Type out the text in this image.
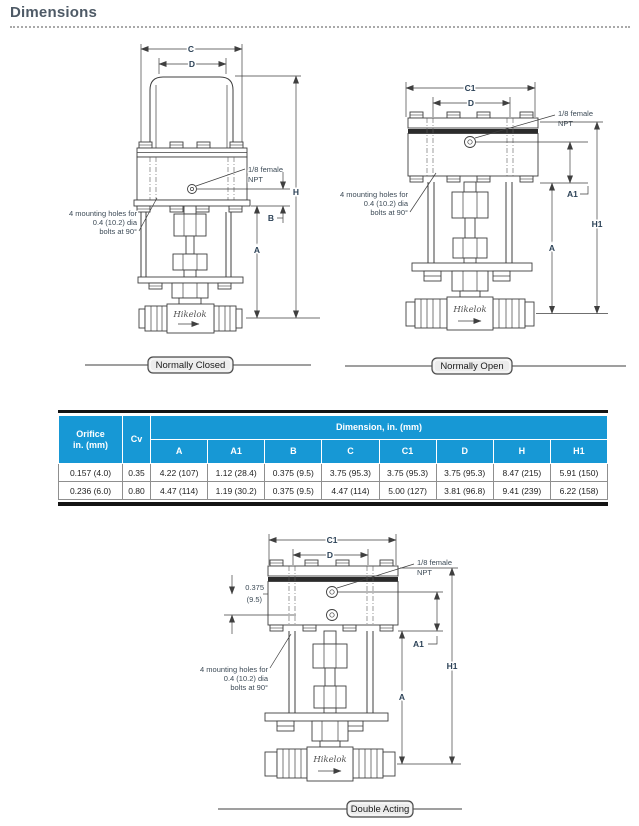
Dimensions
C
D
1/8 female
NPT
Hikelok
B
A
H
4 mounting holes for
0.4 (10.2) dia
bolts at 90°
Normally Closed
C1
D
1/8 female
NPT
Hikelok
A1
A
H1
4 mounting holes for
0.4 (10.2) dia
bolts at 90°
Normally Open
Orifice
in. (mm)	Cv	Dimension, in. (mm)							
		A	A1	B	C	C1	D	H	H1
0.157 (4.0)	0.35	4.22 (107)	1.12 (28.4)	0.375 (9.5)	3.75 (95.3)	3.75 (95.3)	3.75 (95.3)	8.47 (215)	5.91 (150)
0.236 (6.0)	0.80	4.47 (114)	1.19 (30.2)	0.375 (9.5)	4.47 (114)	5.00 (127)	3.81 (96.8)	9.41 (239)	6.22 (158)
C1
D
1/8 female
NPT
0.375
(9.5)
Hikelok
A1
A
H1
4 mounting holes for
0.4 (10.2) dia
bolts at 90°
Double Acting
